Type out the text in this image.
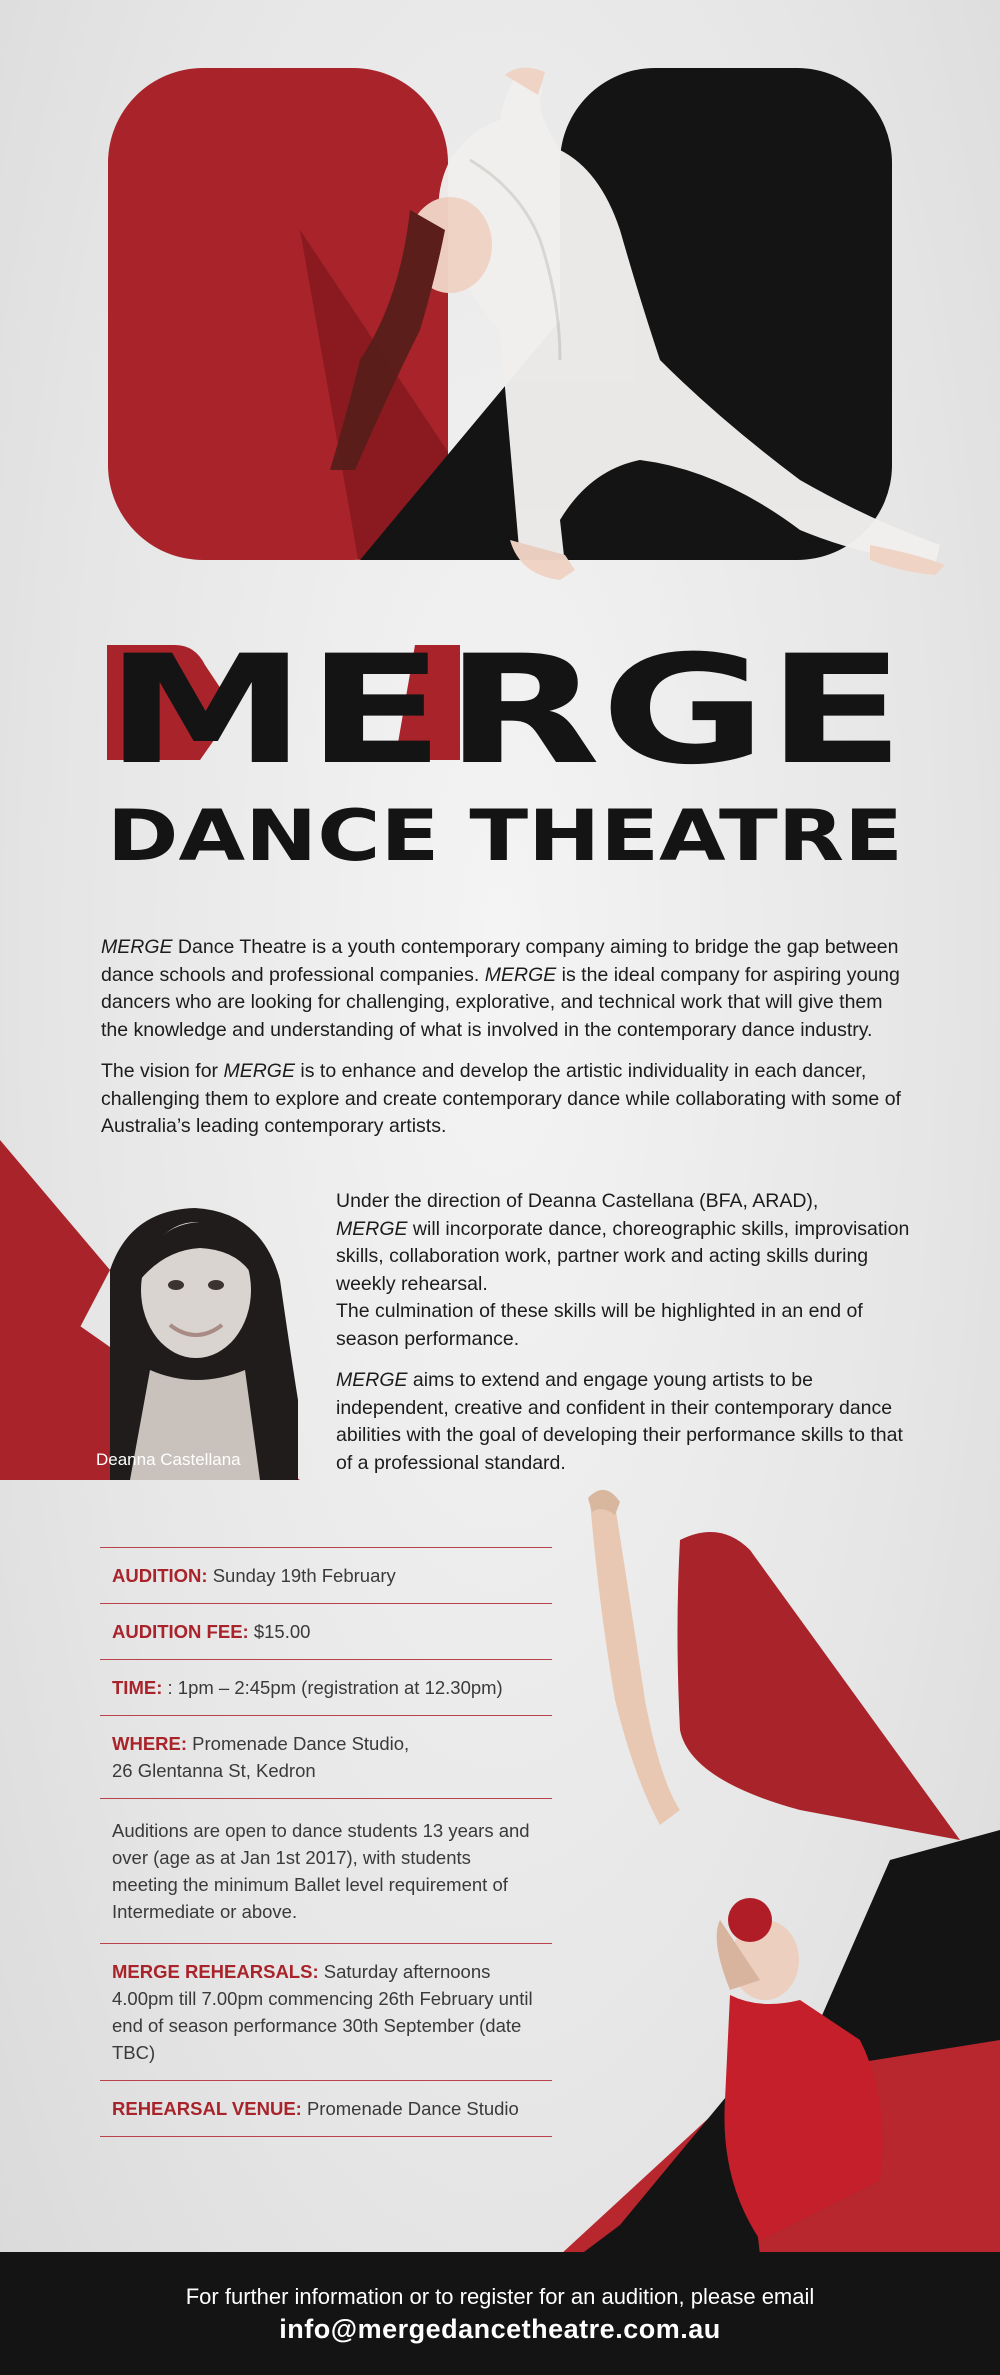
MERGE
DANCE THEATRE

MERGE Dance Theatre is a youth contemporary company aiming to bridge the gap between dance schools and professional companies. MERGE is the ideal company for aspiring young dancers who are looking for challenging, explorative, and technical work that will give them the knowledge and understanding of what is involved in the contemporary dance industry.

The vision for MERGE is to enhance and develop the artistic individuality in each dancer, challenging them to explore and create contemporary dance while collaborating with some of Australia’s leading contemporary artists.

Deanna Castellana

Under the direction of Deanna Castellana (BFA, ARAD),
MERGE will incorporate dance, choreographic skills, improvisation skills, collaboration work, partner work and acting skills during weekly rehearsal.
The culmination of these skills will be highlighted in an end of season performance.

MERGE aims to extend and engage young artists to be independent, creative and confident in their contemporary dance abilities with the goal of developing their performance skills to that of a professional standard.

AUDITION: Sunday 19th February
AUDITION FEE: $15.00
TIME: : 1pm – 2:45pm (registration at 12.30pm)
WHERE: Promenade Dance Studio,
26 Glentanna St, Kedron
Auditions are open to dance students 13 years and over (age as at Jan 1st 2017), with students meeting the minimum Ballet level requirement of Intermediate or above.
MERGE REHEARSALS: Saturday afternoons 4.00pm till 7.00pm commencing 26th February until end of season performance 30th September (date TBC)
REHEARSAL VENUE: Promenade Dance Studio
For further information or to register for an audition, please email
info@mergedancetheatre.com.au
